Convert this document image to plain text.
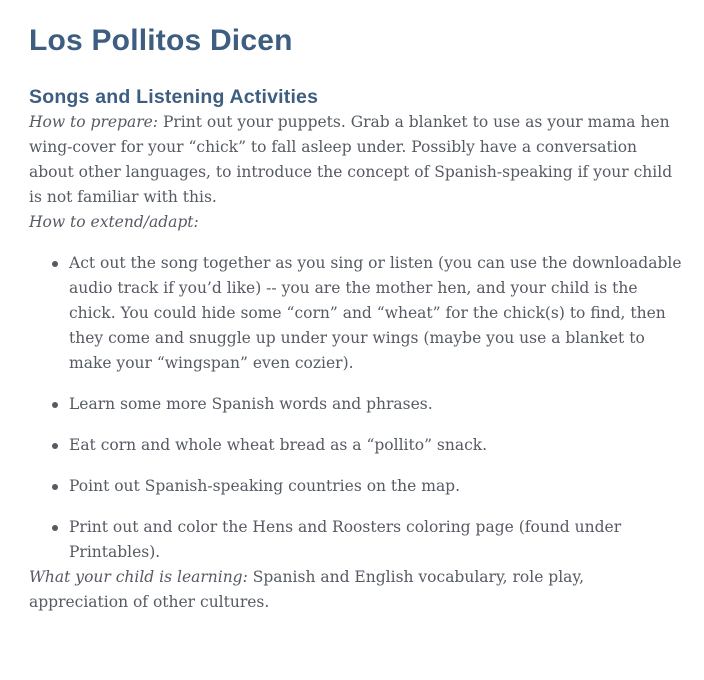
Los Pollitos Dicen
Songs and Listening Activities

How to prepare: Print out your puppets. Grab a blanket to use as your mama hen wing-cover for your “chick” to fall asleep under. Possibly have a conversation about other languages, to introduce the concept of Spanish-speaking if your child is not familiar with this.

How to extend/adapt:

Act out the song together as you sing or listen (you can use the downloadable audio track if you’d like) -- you are the mother hen, and your child is the chick. You could hide some “corn” and “wheat” for the chick(s) to find, then they come and snuggle up under your wings (maybe you use a blanket to make your “wingspan” even cozier).
Learn some more Spanish words and phrases.
Eat corn and whole wheat bread as a “pollito” snack.
Point out Spanish-speaking countries on the map.
Print out and color the Hens and Roosters coloring page (found under Printables).

What your child is learning: Spanish and English vocabulary, role play, appreciation of other cultures.
